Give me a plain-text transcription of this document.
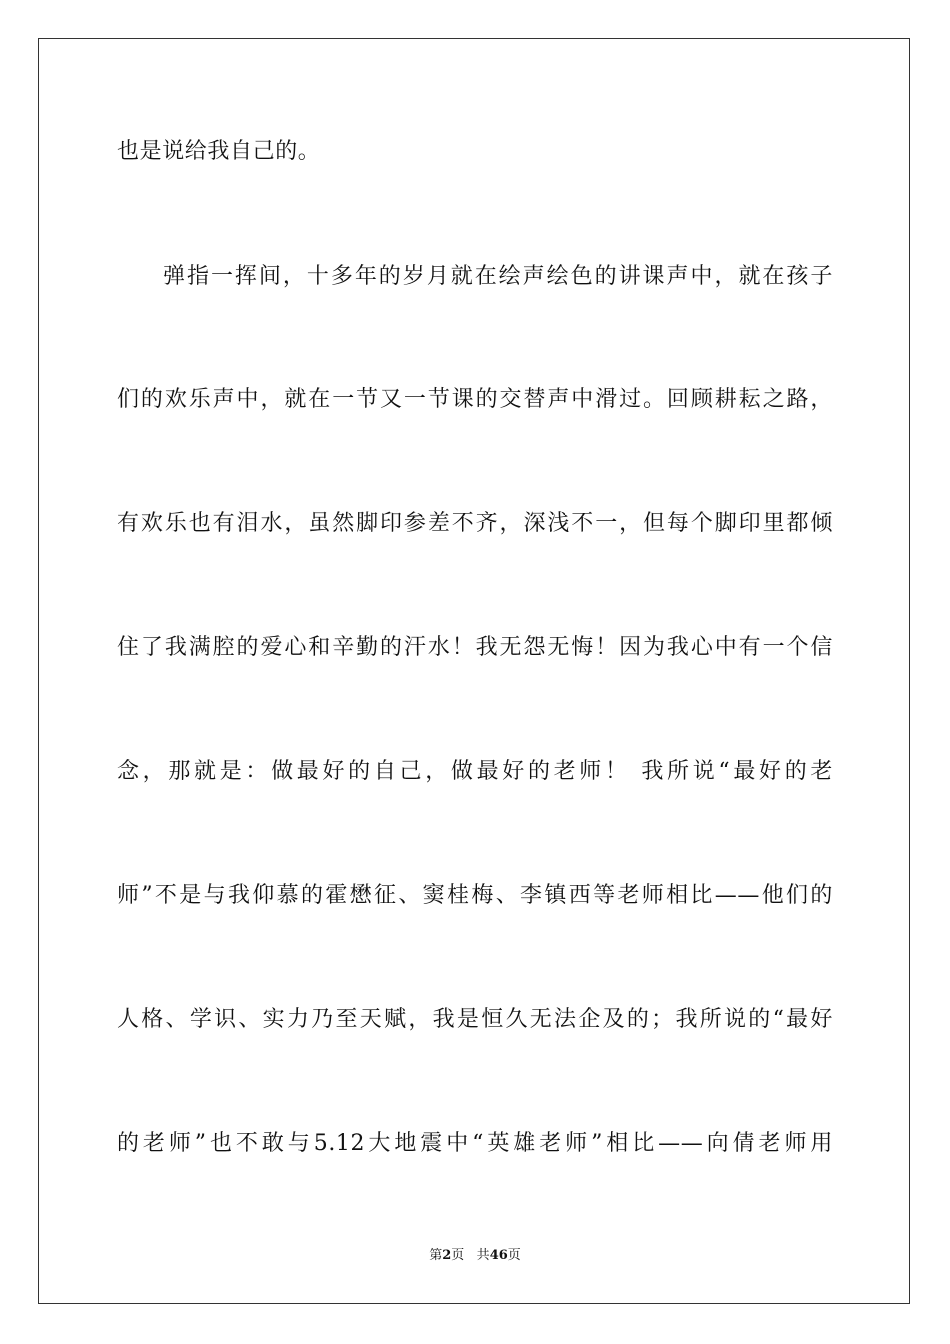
也是说给我自己的。
弹指一挥间，十多年的岁月就在绘声绘色的讲课声中，就在孩子
们的欢乐声中，就在一节又一节课的交替声中滑过。回顾耕耘之路，
有欢乐也有泪水，虽然脚印参差不齐，深浅不一，但每个脚印里都倾
住了我满腔的爱心和辛勤的汗水！我无怨无悔！因为我心中有一个信
念，那就是：做最好的自己，做最好的老师！ 我所说“最好的老
师”不是与我仰慕的霍懋征、窦桂梅、李镇西等老师相比——他们的
人格、学识、实力乃至天赋，我是恒久无法企及的；我所说的“最好
的老师”也不敢与5.12大地震中“英雄老师”相比——向倩老师用
第2页 共46页
